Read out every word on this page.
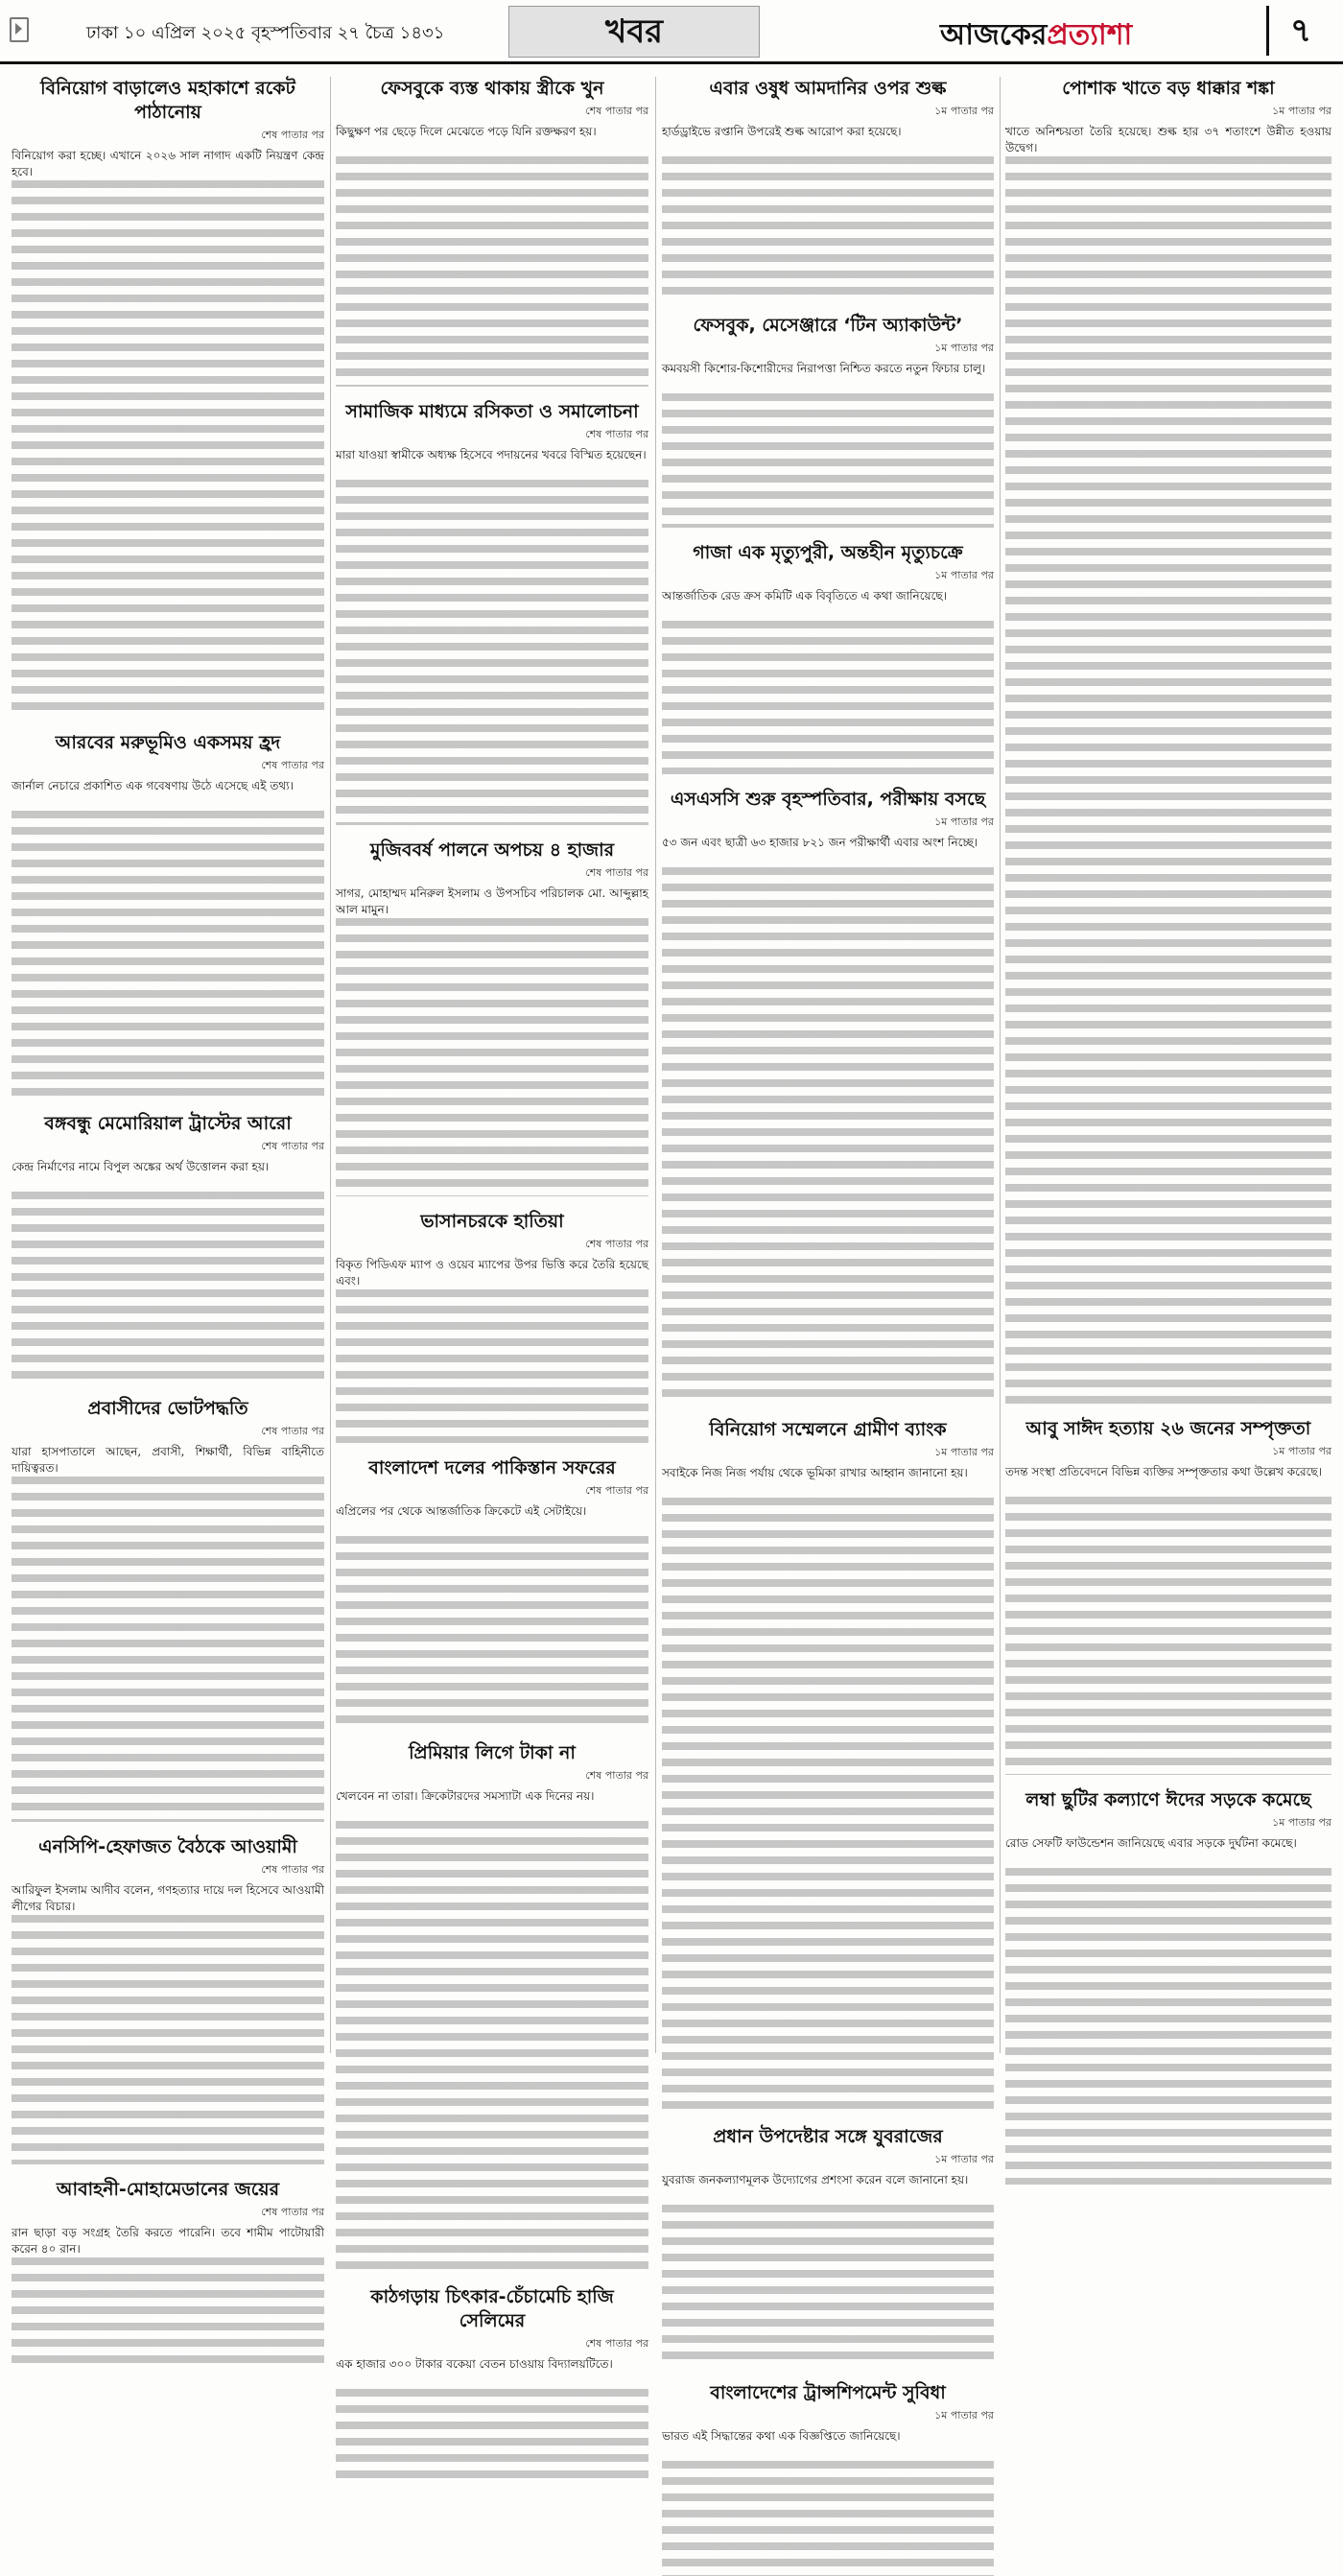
ঢাকা ১০ এপ্রিল ২০২৫ বৃহস্পতিবার ২৭ চৈত্র ১৪৩১	খবর	আজকেরপ্রত্যাশা	৭
বিনিয়োগ বাড়ালেও মহাকাশে রকেট পাঠানোয়
শেষ পাতার পর
বিনিয়োগ করা হচ্ছে। এখানে ২০২৬ সাল নাগাদ একটি নিয়ন্ত্রণ কেন্দ্র হবে।
আরবের মরুভূমিও একসময় হ্রদ
শেষ পাতার পর
জার্নাল নেচারে প্রকাশিত এক গবেষণায় উঠে এসেছে এই তথ্য।
বঙ্গবন্ধু মেমোরিয়াল ট্রাস্টের আরো
শেষ পাতার পর
কেন্দ্র নির্মাণের নামে বিপুল অঙ্কের অর্থ উত্তোলন করা হয়।
প্রবাসীদের ভোটপদ্ধতি
শেষ পাতার পর
যারা হাসপাতালে আছেন, প্রবাসী, শিক্ষার্থী, বিভিন্ন বাহিনীতে দায়িত্বরত।
এনসিপি-হেফাজত বৈঠকে আওয়ামী
শেষ পাতার পর
আরিফুল ইসলাম আদীব বলেন, গণহত্যার দায়ে দল হিসেবে আওয়ামী লীগের বিচার।
আবাহনী-মোহামেডানের জয়ের
শেষ পাতার পর
রান ছাড়া বড় সংগ্রহ তৈরি করতে পারেনি। তবে শামীম পাটোয়ারী করেন ৪০ রান।
ফেসবুকে ব্যস্ত থাকায় স্ত্রীকে খুন
শেষ পাতার পর
কিছুক্ষণ পর ছেড়ে দিলে মেঝেতে পড়ে যিনি রক্তক্ষরণ হয়।
সামাজিক মাধ্যমে রসিকতা ও সমালোচনা
শেষ পাতার পর
মারা যাওয়া স্বামীকে অধ্যক্ষ হিসেবে পদায়নের খবরে বিস্মিত হয়েছেন।
মুজিববর্ষ পালনে অপচয় ৪ হাজার
শেষ পাতার পর
সাগর, মোহাম্মদ মনিরুল ইসলাম ও উপসচিব পরিচালক মো. আব্দুল্লাহ আল মামুন।
ভাসানচরকে হাতিয়া
শেষ পাতার পর
বিকৃত পিডিএফ ম্যাপ ও ওয়েব ম্যাপের উপর ভিত্তি করে তৈরি হয়েছে এবং।
বাংলাদেশ দলের পাকিস্তান সফরের
শেষ পাতার পর
এপ্রিলের পর থেকে আন্তর্জাতিক ক্রিকেটে এই সেটাইয়ে।
প্রিমিয়ার লিগে টাকা না
শেষ পাতার পর
খেলবেন না তারা। ক্রিকেটারদের সমস্যাটা এক দিনের নয়।
কাঠগড়ায় চিৎকার-চেঁচামেচি হাজি সেলিমের
শেষ পাতার পর
এক হাজার ৩০০ টাকার বকেয়া বেতন চাওয়ায় বিদ্যালয়টিতে।
এবার ওষুধ আমদানির ওপর শুল্ক
১ম পাতার পর
হার্ডড্রাইভে রপ্তানি উপরেই শুল্ক আরোপ করা হয়েছে।
ফেসবুক, মেসেঞ্জারে ‘টিন অ্যাকাউন্ট’
১ম পাতার পর
কমবয়সী কিশোর-কিশোরীদের নিরাপত্তা নিশ্চিত করতে নতুন ফিচার চালু।
গাজা এক মৃত্যুপুরী, অন্তহীন মৃত্যুচক্রে
১ম পাতার পর
আন্তর্জাতিক রেড ক্রস কমিটি এক বিবৃতিতে এ কথা জানিয়েছে।
এসএসসি শুরু বৃহস্পতিবার, পরীক্ষায় বসছে
১ম পাতার পর
৫৩ জন এবং ছাত্রী ৬৩ হাজার ৮২১ জন পরীক্ষার্থী এবার অংশ নিচ্ছে।
বিনিয়োগ সম্মেলনে গ্রামীণ ব্যাংক
১ম পাতার পর
সবাইকে নিজ নিজ পর্যায় থেকে ভূমিকা রাখার আহ্বান জানানো হয়।
প্রধান উপদেষ্টার সঙ্গে যুবরাজের
১ম পাতার পর
যুবরাজ জনকল্যাণমূলক উদ্যোগের প্রশংসা করেন বলে জানানো হয়।
বাংলাদেশের ট্রান্সশিপমেন্ট সুবিধা
১ম পাতার পর
ভারত এই সিদ্ধান্তের কথা এক বিজ্ঞপ্তিতে জানিয়েছে।
পোশাক খাতে বড় ধাক্কার শঙ্কা
১ম পাতার পর
খাতে অনিশ্চয়তা তৈরি হয়েছে। শুল্ক হার ৩৭ শতাংশে উন্নীত হওয়ায় উদ্বেগ।
আবু সাঈদ হত্যায় ২৬ জনের সম্পৃক্ততা
১ম পাতার পর
তদন্ত সংস্থা প্রতিবেদনে বিভিন্ন ব্যক্তির সম্পৃক্ততার কথা উল্লেখ করেছে।
লম্বা ছুটির কল্যাণে ঈদের সড়কে কমেছে
১ম পাতার পর
রোড সেফটি ফাউন্ডেশন জানিয়েছে এবার সড়কে দুর্ঘটনা কমেছে।
